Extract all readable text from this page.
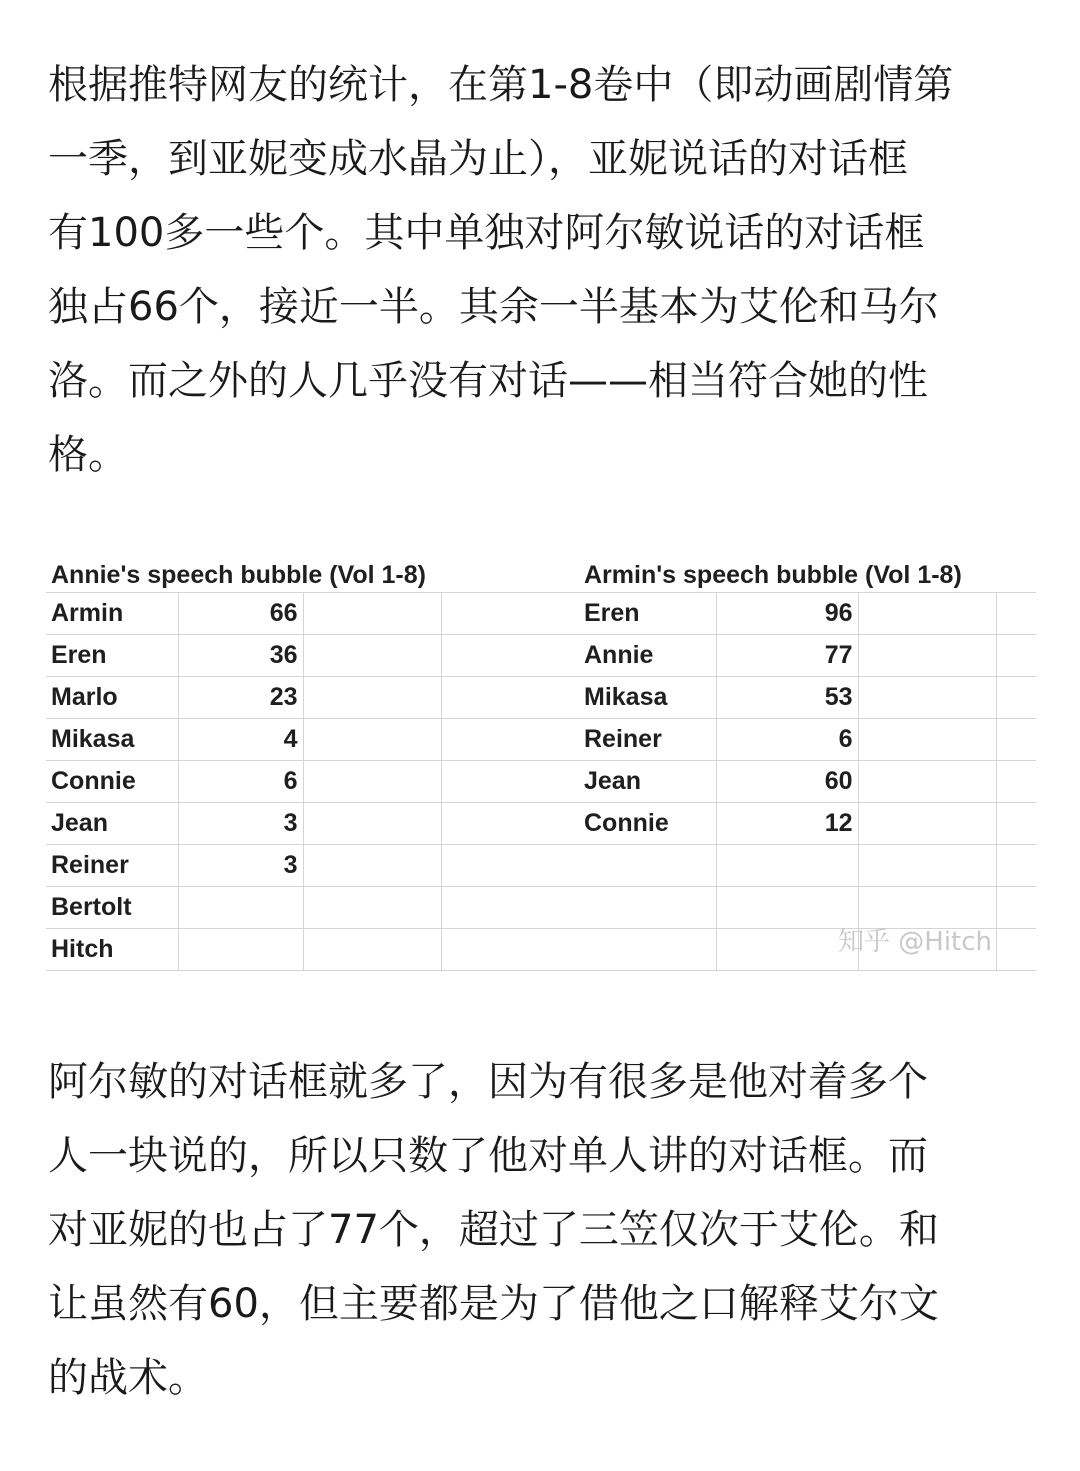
根据推特网友的统计，在第1-8卷中（即动画剧情第
一季，到亚妮变成水晶为止），亚妮说话的对话框
有100多一些个。其中单独对阿尔敏说话的对话框
独占66个，接近一半。其余一半基本为艾伦和马尔
洛。而之外的人几乎没有对话——相当符合她的性
格。
Annie's speech bubble (Vol 1-8)			
Armin	66		
Eren	36		
Marlo	23		
Mikasa	4		
Connie	6		
Jean	3		
Reiner	3		
Bertolt			
Hitch			
Armin's speech bubble (Vol 1-8)			
Eren	96		
Annie	77		
Mikasa	53		
Reiner	6		
Jean	60		
Connie	12		

知乎 @Hitch
阿尔敏的对话框就多了，因为有很多是他对着多个
人一块说的，所以只数了他对单人讲的对话框。而
对亚妮的也占了77个，超过了三笠仅次于艾伦。和
让虽然有60，但主要都是为了借他之口解释艾尔文
的战术。
